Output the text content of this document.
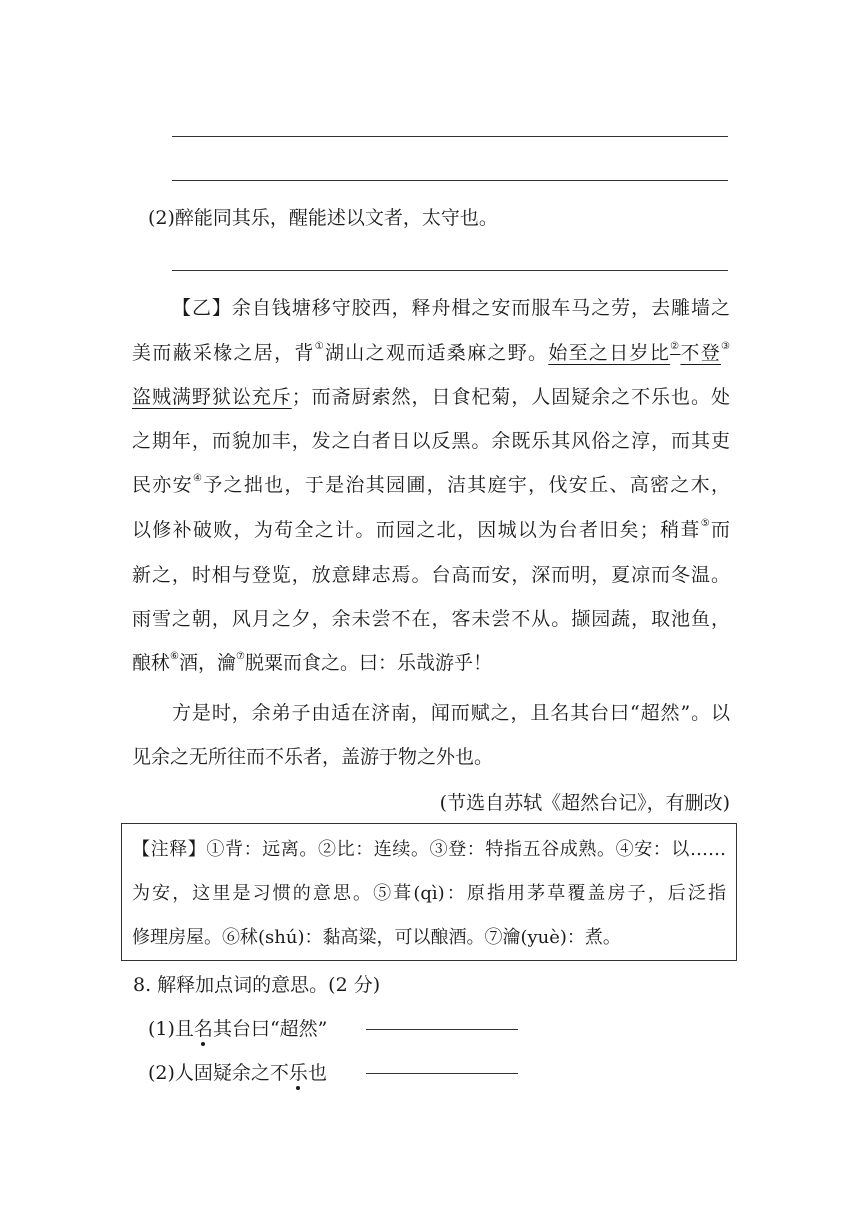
(2)醉能同其乐，醒能述以文者，太守也。
【乙】余自钱塘移守胶西，释舟楫之安而服车马之劳，去雕墙之
美而蔽采椽之居，背①湖山之观而适桑麻之野。始至之日岁比②不登③
盗贼满野狱讼充斥；而斋厨索然，日食杞菊，人固疑余之不乐也。处
之期年，而貌加丰，发之白者日以反黑。余既乐其风俗之淳，而其吏
民亦安④予之拙也，于是治其园圃，洁其庭宇，伐安丘、高密之木，
以修补破败，为苟全之计。而园之北，因城以为台者旧矣；稍葺⑤而
新之，时相与登览，放意肆志焉。台高而安，深而明，夏凉而冬温。
雨雪之朝，风月之夕，余未尝不在，客未尝不从。撷园蔬，取池鱼，
酿秫⑥酒，瀹⑦脱粟而食之。曰：乐哉游乎！
方是时，余弟子由适在济南，闻而赋之，且名其台曰“超然”。以
见余之无所往而不乐者，盖游于物之外也。
(节选自苏轼《超然台记》，有删改)
【注释】①背：远离。②比：连续。③登：特指五谷成熟。④安：以……
为安，这里是习惯的意思。⑤葺(qì)：原指用茅草覆盖房子，后泛指
修理房屋。⑥秫(shú)：黏高粱，可以酿酒。⑦瀹(yuè)：煮。
8. 解释加点词的意思。(2 分)
(1)且名其台曰“超然”
(2)人固疑余之不乐也
